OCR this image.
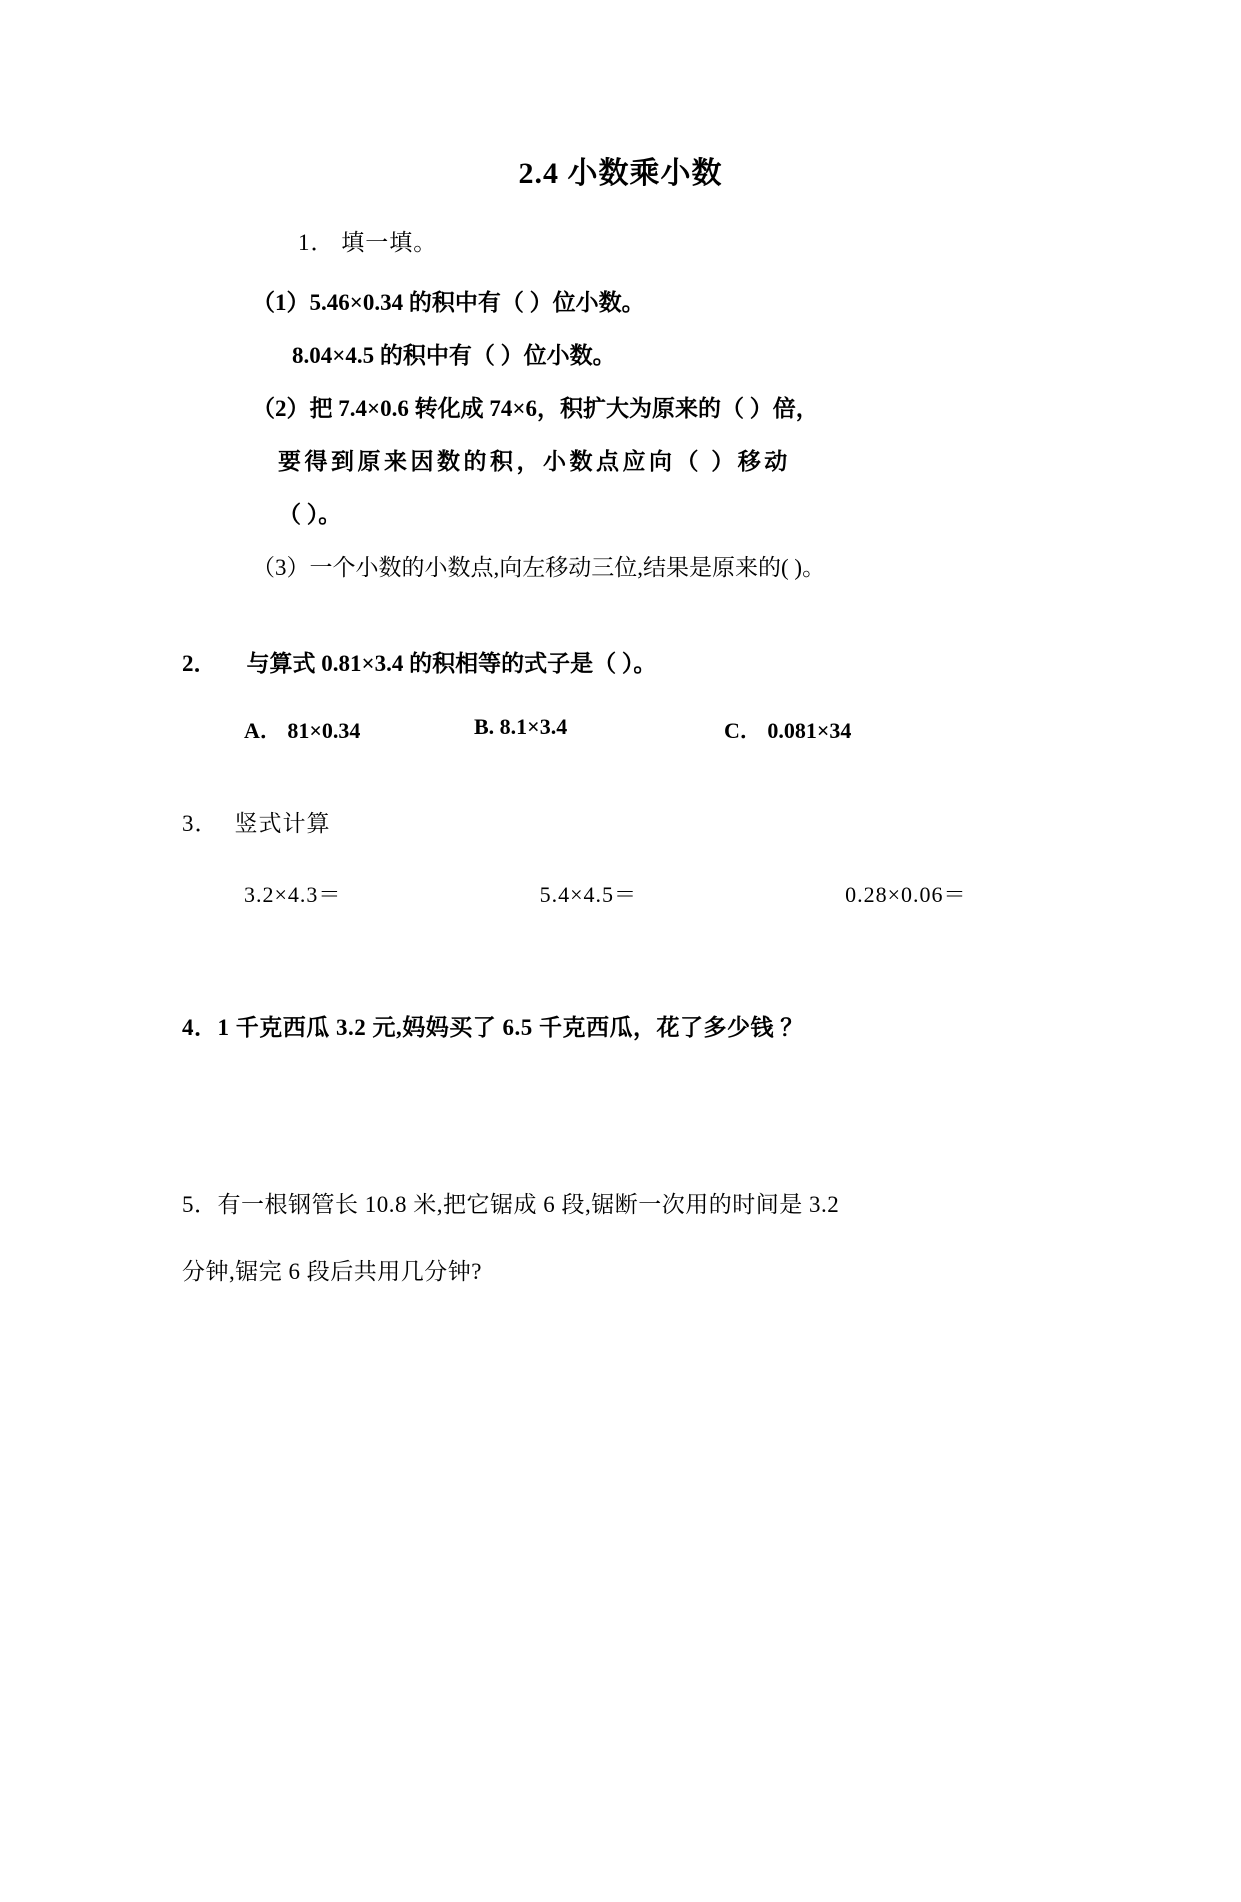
2.4 小数乘小数
1． 填一填。
（1）5.46×0.34 的积中有（ ）位小数。
8.04×4.5 的积中有（ ）位小数。
（2）把 7.4×0.6 转化成 74×6，积扩大为原来的（ ）倍，
要得到原来因数的积，小数点应向（ ）移动
（ ）。
（3）一个小数的小数点,向左移动三位,结果是原来的( )。
2． 与算式 0.81×3.4 的积相等的式子是（ ）。
A． 81×0.34	B. 8.1×3.4	C． 0.081×34
3． 竖式计算
3.2×4.3＝	5.4×4.5＝	0.28×0.06＝
4．1 千克西瓜 3.2 元,妈妈买了 6.5 千克西瓜，花了多少钱 ？
5．有一根钢管长 10.8 米,把它锯成 6 段,锯断一次用的时间是 3.2
分钟,锯完 6 段后共用几分钟?
